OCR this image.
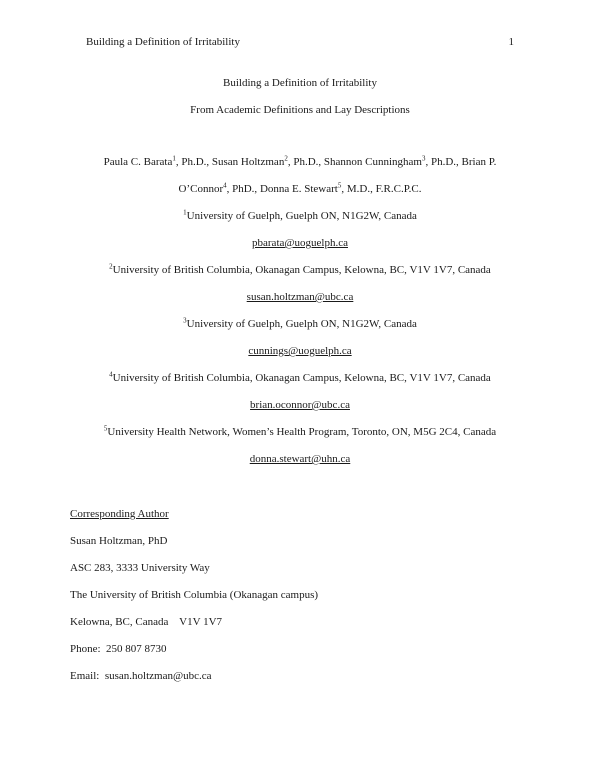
Building a Definition of Irritability	1
Building a Definition of Irritability
From Academic Definitions and Lay Descriptions
Paula C. Barata$^1$, Ph.D., Susan Holtzman$^2$, Ph.D., Shannon Cunningham$^3$, Ph.D., Brian P.
O’Connor$^4$, PhD., Donna E. Stewart$^5$, M.D., F.R.C.P.C.
$^1$University of Guelph, Guelph ON, N1G2W, Canada
pbarata@uoguelph.ca
$^2$University of British Columbia, Okanagan Campus, Kelowna, BC, V1V 1V7, Canada
susan.holtzman@ubc.ca
$^3$University of Guelph, Guelph ON, N1G2W, Canada
cunnings@uoguelph.ca
$^4$University of British Columbia, Okanagan Campus, Kelowna, BC, V1V 1V7, Canada
brian.oconnor@ubc.ca
$^5$University Health Network, Women’s Health Program, Toronto, ON, M5G 2C4, Canada
donna.stewart@uhn.ca
Corresponding Author
Susan Holtzman, PhD
ASC 283, 3333 University Way
The University of British Columbia (Okanagan campus)
Kelowna, BC, Canada    V1V 1V7
Phone:  250 807 8730
Email:  susan.holtzman@ubc.ca
